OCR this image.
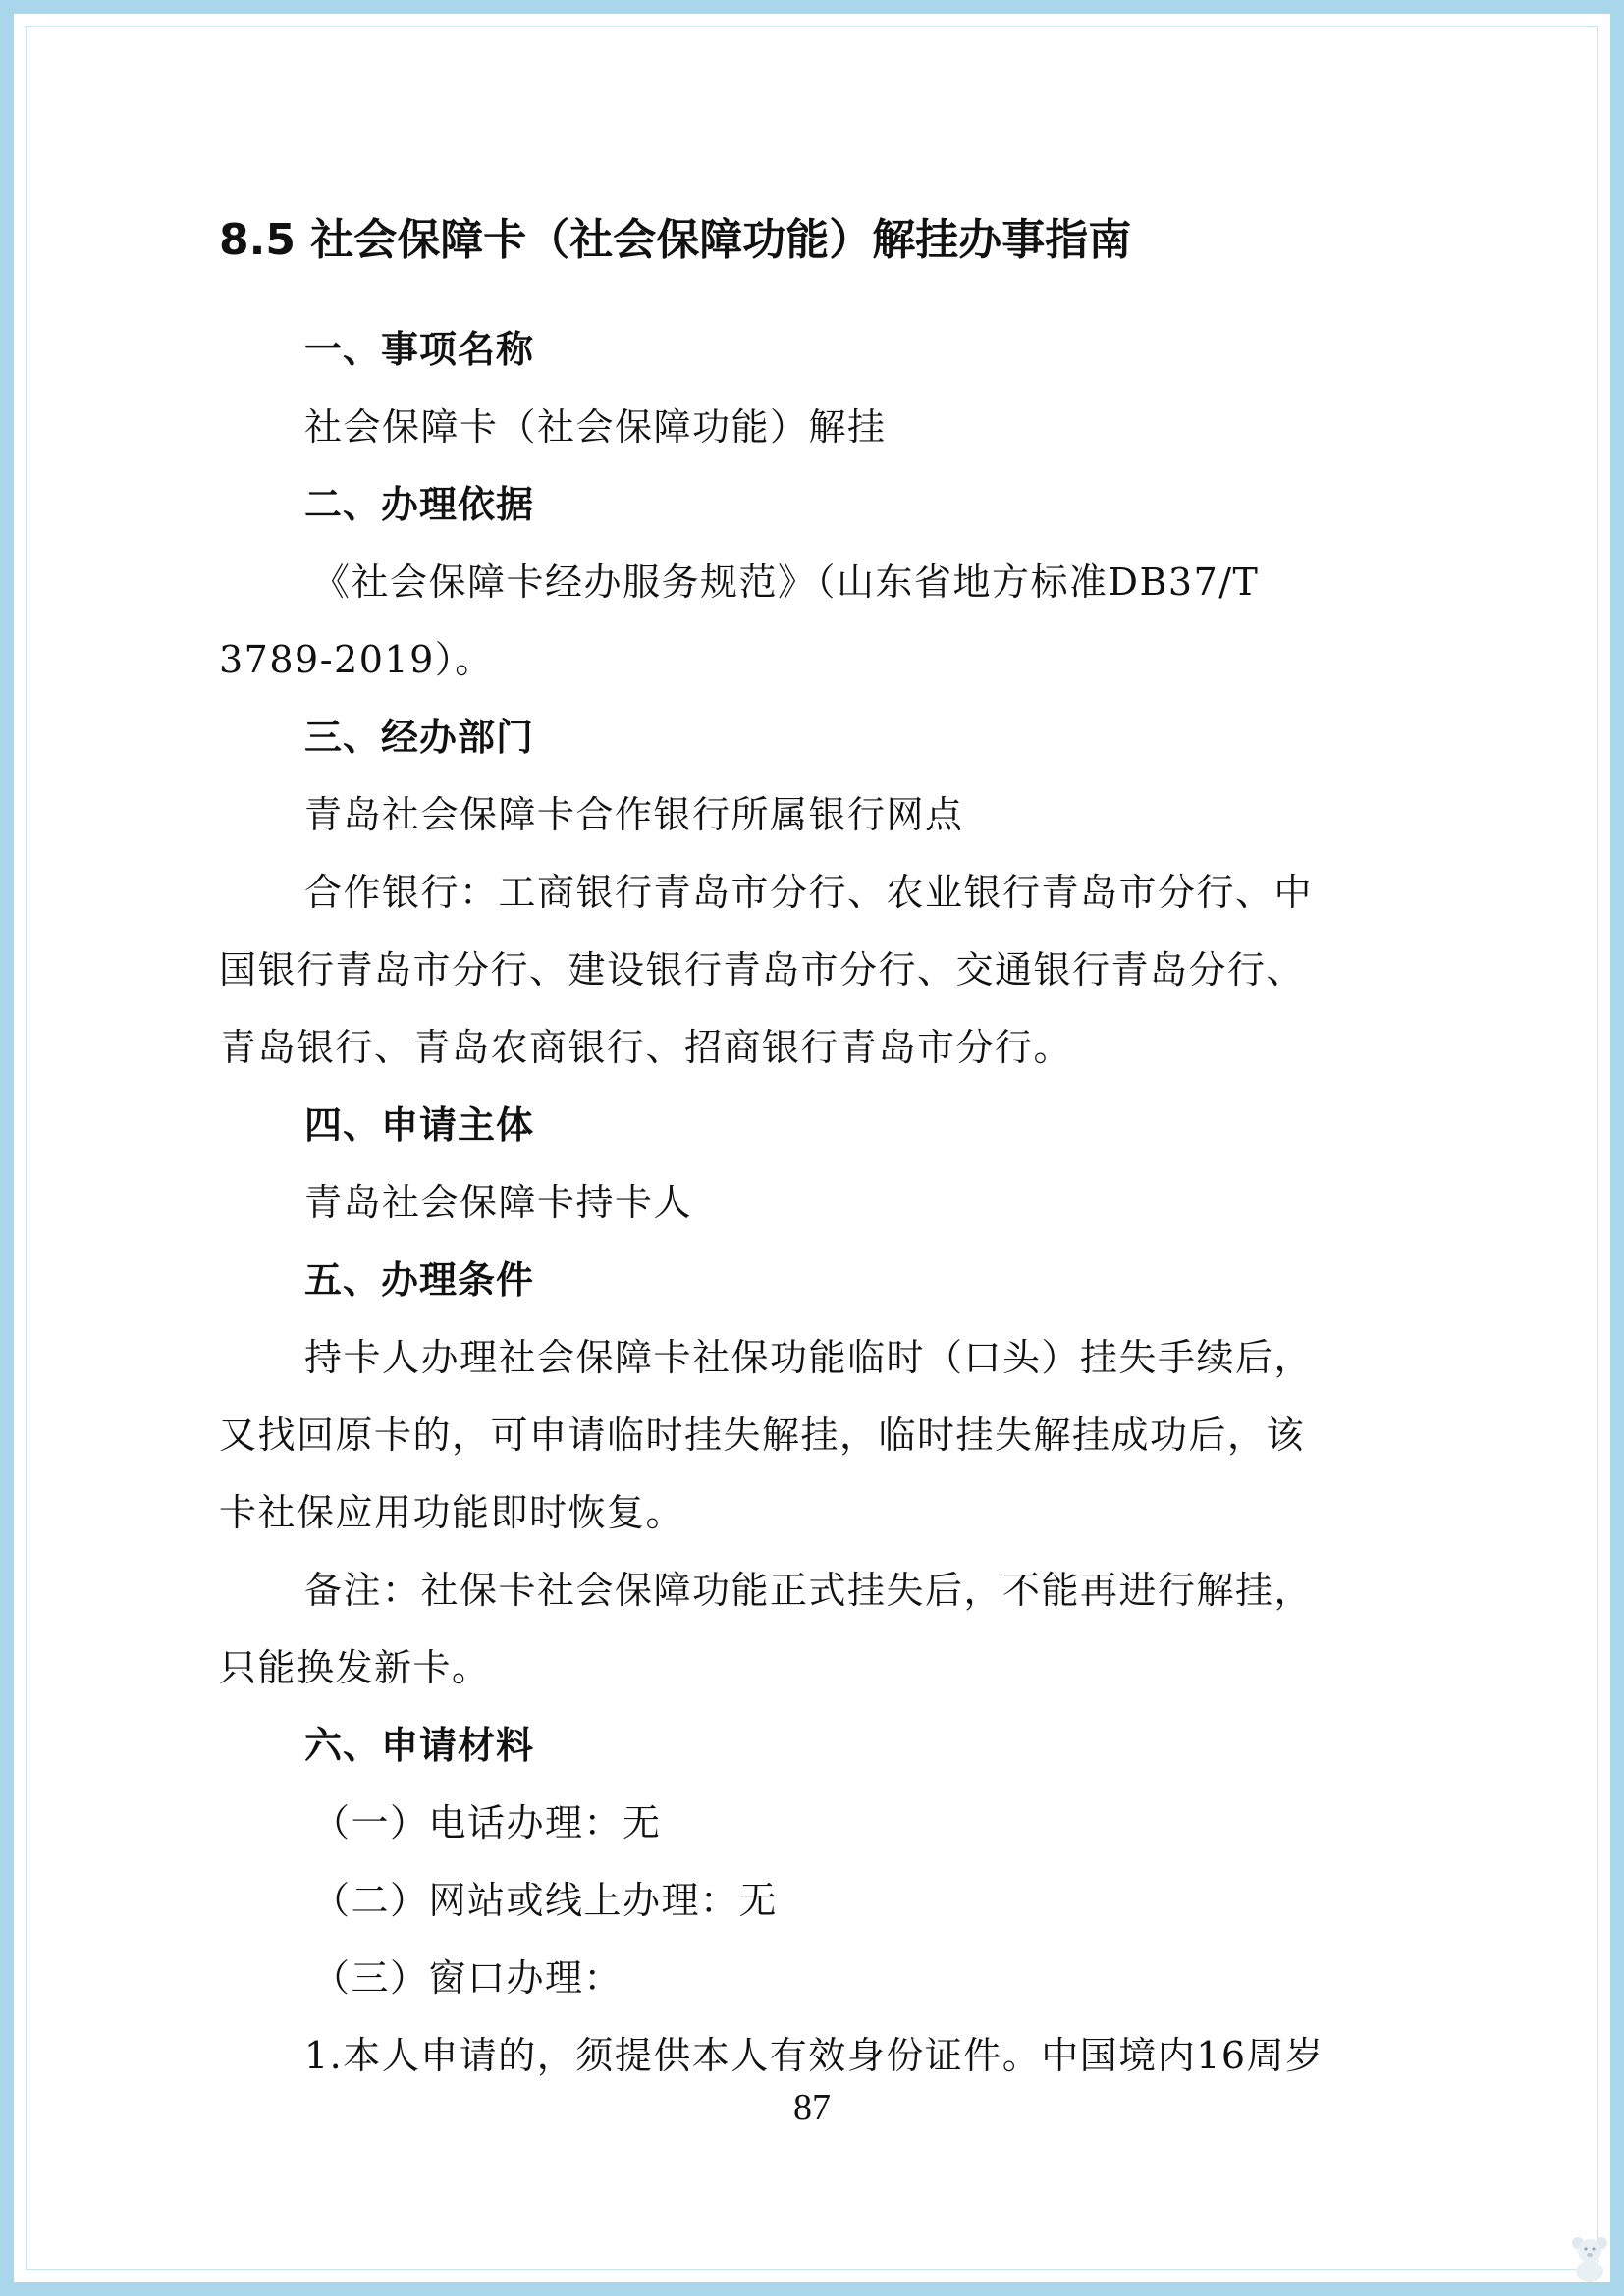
8.5 社会保障卡（社会保障功能）解挂办事指南

一、事项名称

社会保障卡（社会保障功能）解挂

二、办理依据

《社会保障卡经办服务规范》（山东省地方标准DB37/T

3789-2019）。

三、经办部门

青岛社会保障卡合作银行所属银行网点

合作银行：工商银行青岛市分行、农业银行青岛市分行、中

国银行青岛市分行、建设银行青岛市分行、交通银行青岛分行、

青岛银行、青岛农商银行、招商银行青岛市分行。

四、申请主体

青岛社会保障卡持卡人

五、办理条件

持卡人办理社会保障卡社保功能临时（口头）挂失手续后，

又找回原卡的，可申请临时挂失解挂，临时挂失解挂成功后，该

卡社保应用功能即时恢复。

备注：社保卡社会保障功能正式挂失后，不能再进行解挂，

只能换发新卡。

六、申请材料

（一）电话办理：无

（二）网站或线上办理：无

（三）窗口办理：

1.本人申请的，须提供本人有效身份证件。中国境内16周岁

87
